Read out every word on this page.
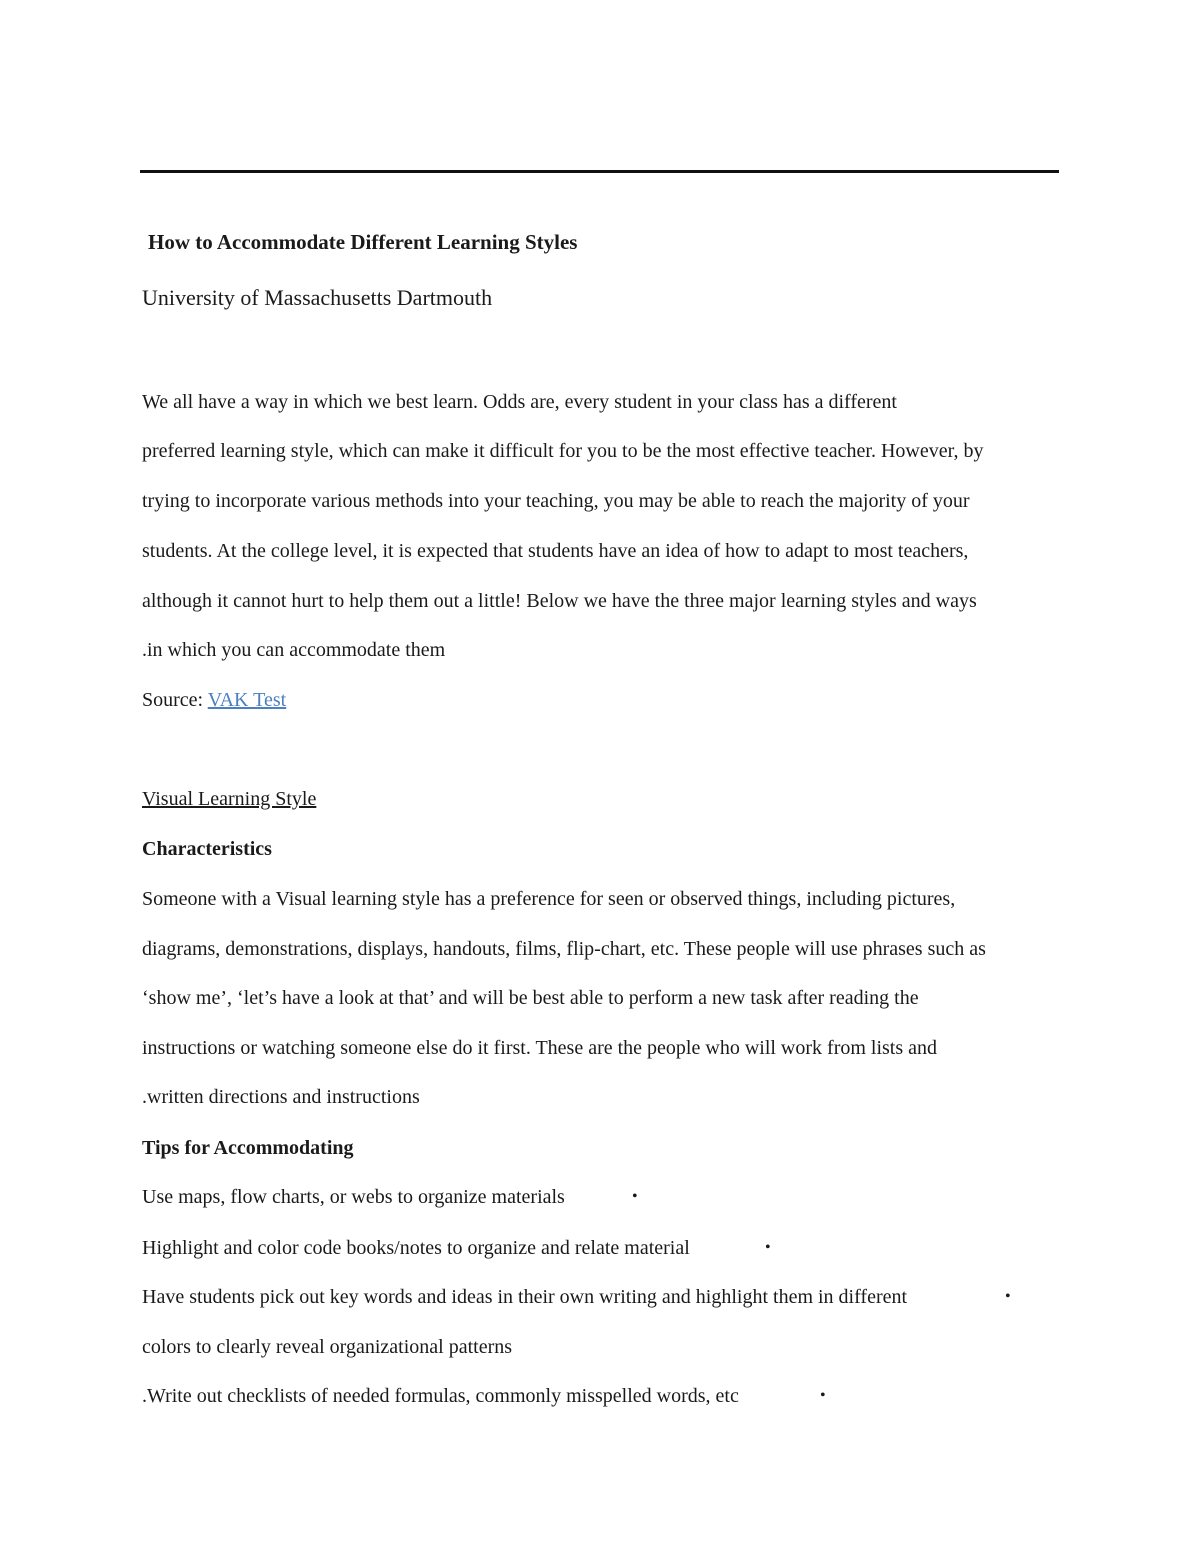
How to Accommodate Different Learning Styles
University of Massachusetts Dartmouth
We all have a way in which we best learn. Odds are, every student in your class has a different
preferred learning style, which can make it difficult for you to be the most effective teacher. However, by
trying to incorporate various methods into your teaching, you may be able to reach the majority of your
students. At the college level, it is expected that students have an idea of how to adapt to most teachers,
although it cannot hurt to help them out a little! Below we have the three major learning styles and ways
.in which you can accommodate them
Source: VAK Test
Visual Learning Style
Characteristics
Someone with a Visual learning style has a preference for seen or observed things, including pictures,
diagrams, demonstrations, displays, handouts, films, flip-chart, etc. These people will use phrases such as
‘show me’, ‘let’s have a look at that’ and will be best able to perform a new task after reading the
instructions or watching someone else do it first. These are the people who will work from lists and
.written directions and instructions
Tips for Accommodating
Use maps, flow charts, or webs to organize materials	•
Highlight and color code books/notes to organize and relate material	•
Have students pick out key words and ideas in their own writing and highlight them in different	•
colors to clearly reveal organizational patterns
.Write out checklists of needed formulas, commonly misspelled words, etc	•
